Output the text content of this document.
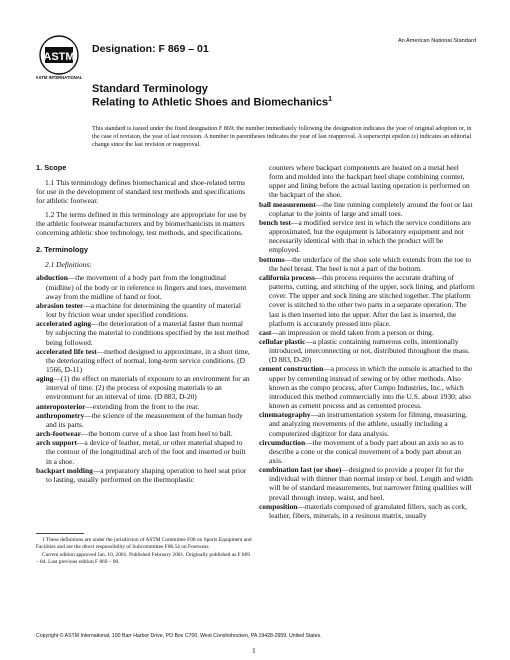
ASTM
ASTM INTERNATIONAL
Designation: F 869 – 01
An American National Standard
Standard Terminology
Relating to Athletic Shoes and Biomechanics$^1$
This standard is issued under the fixed designation F 869; the number immediately following the designation indicates the year of original adoption or, in the case of revision, the year of last revision. A number in parentheses indicates the year of last reapproval. A superscript epsilon (ε) indicates an editorial change since the last revision or reapproval.

1. Scope

1.1 This terminology defines biomechanical and shoe-related terms for use in the development of standard test methods and specifications for athletic footwear.

1.2 The terms defined in this terminology are appropriate for use by the athletic footwear manufacturers and by biomechanicists in matters concerning athletic shoe technology, test methods, and specifications.

2. Terminology

2.1 Definitions:

abduction—the movement of a body part from the longitudinal (midline) of the body or in reference to fingers and toes, movement away from the midline of hand or foot.

abrasion tester—a machine for determining the quantity of material lost by friction wear under specified conditions.

accelerated aging—the deterioration of a material faster than normal by subjecting the material to conditions specified by the test method being followed.

accelerated life test—method designed to approximate, in a short time, the deteriorating effect of normal, long-term service conditions. (D 1566, D-11)

aging—(1) the effect on materials of exposure to an environment for an interval of time. (2) the process of exposing materials to an environment for an interval of time. (D 883, D-20)

anteroposterior—extending from the front to the rear.

anthropometry—the science of the measurement of the human body and its parts.

arch-footwear—the bottom curve of a shoe last from heel to ball.

arch support—a device of leather, metal, or other material shaped to the contour of the longitudinal arch of the foot and inserted or built in a shoe.

backpart molding—a preparatory shaping operation to heel seat prior to lasting, usually performed on the thermoplastic

counters where backpart components are heated on a metal heel form and molded into the backpart heel shape combining counter, upper and lining before the actual lasting operation is performed on the backpart of the shoe.

ball measurement—the line running completely around the foot or last coplanar to the joints of large and small toes.

bench test—a modified service test in which the service conditions are approximated, but the equipment is laboratory equipment and not necessarily identical with that in which the product will be employed.

bottoms—the underface of the shoe sole which extends from the toe to the heel breast. The heel is not a part of the bottom.

california process—this process requires the accurate drafting of patterns, cutting, and stitching of the upper, sock lining, and platform cover. The upper and sock lining are stitched together. The platform cover is stitched to the other two parts in a separate operation. The last is then inserted into the upper. After the last is inserted, the platform is accurately pressed into place.

cast—an impression or mold taken from a person or thing.

cellular plastic—a plastic containing numerous cells, intentionally introduced, interconnecting or not, distributed throughout the mass. (D 883, D-20)

cement construction—a process in which the outsole is attached to the upper by cementing instead of sewing or by other methods. Also known as the compo process, after Compo Industries, Inc., which introduced this method commercially into the U.S. about 1930; also known as cement process and as cemented process.

cinematography—an instrumentation system for filming, measuring, and analyzing movements of the athlete, usually including a computerized digitizor for data analysis.

circumduction—the movement of a body part about an axis so as to describe a cone or the conical movement of a body part about an axis.

combination last (or shoe)—designed to provide a proper fit for the individual with thinner than normal instep or heel. Length and width will be of standard measurements, but narrower fitting qualities will prevail through instep, waist, and heel.

composition—materials composed of granulated fillers, such as cork, leather, fibers, minerals, in a resinous matrix, usually

1 These definitions are under the jurisdiction of ASTM Committee F08 on Sports Equipment and Facilities and are the direct responsibility of Subcommittee F08.54 on Footwear.

Current edition approved Jan. 10, 2001. Published February 2001. Originally published as F 869 – 84. Last previous edition F 869 – 00.

Copyright © ASTM International, 100 Barr Harbor Drive, PO Box C700, West Conshohocken, PA 19428-2959, United States.
1
